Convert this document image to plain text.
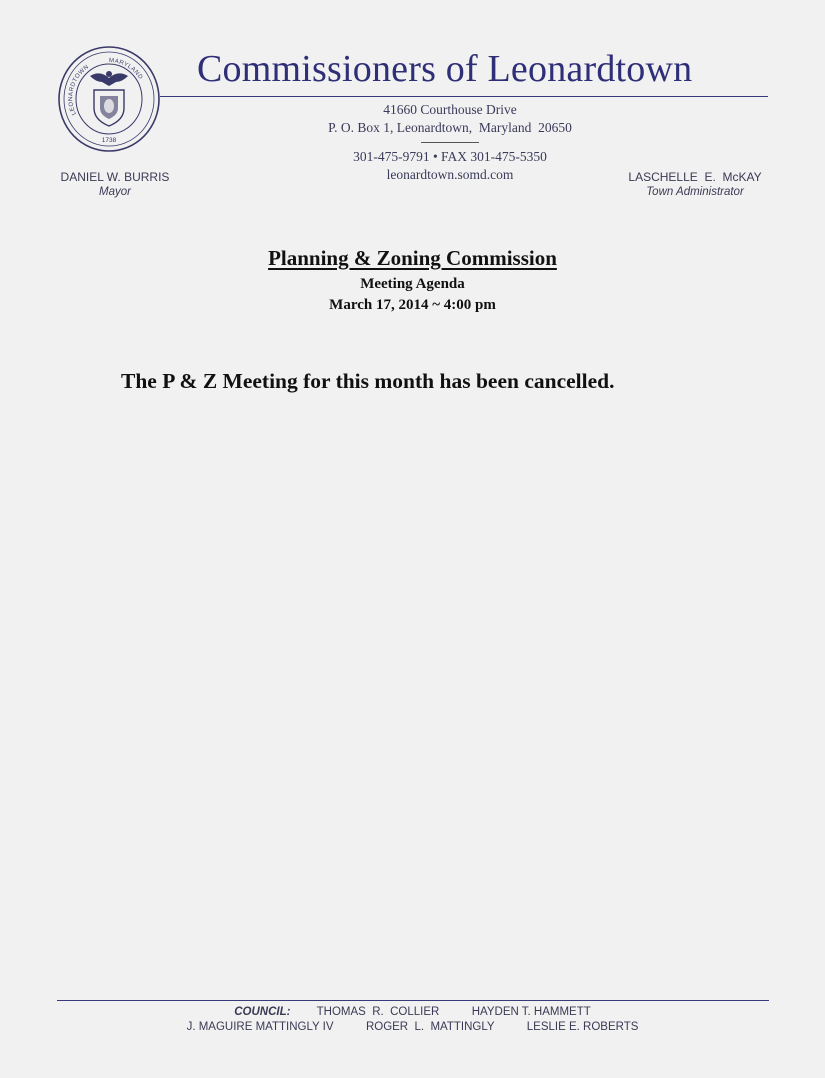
LEONARDTOWN
MARYLAND
1738
Commissioners of Leonardtown
41660 Courthouse Drive
P. O. Box 1, Leonardtown,  Maryland  20650
301-475-9791 • FAX 301-475-5350
leonardtown.somd.com
DANIEL W. BURRIS
Mayor
LASCHELLE  E.  McKAY
Town Administrator
Planning & Zoning Commission
Meeting Agenda
March 17, 2014 ~ 4:00 pm
The P & Z Meeting for this month has been cancelled.
COUNCIL: THOMAS  R.  COLLIER	HAYDEN T. HAMMETT
J. MAGUIRE MATTINGLY IV	ROGER  L.  MATTINGLY	LESLIE E. ROBERTS
